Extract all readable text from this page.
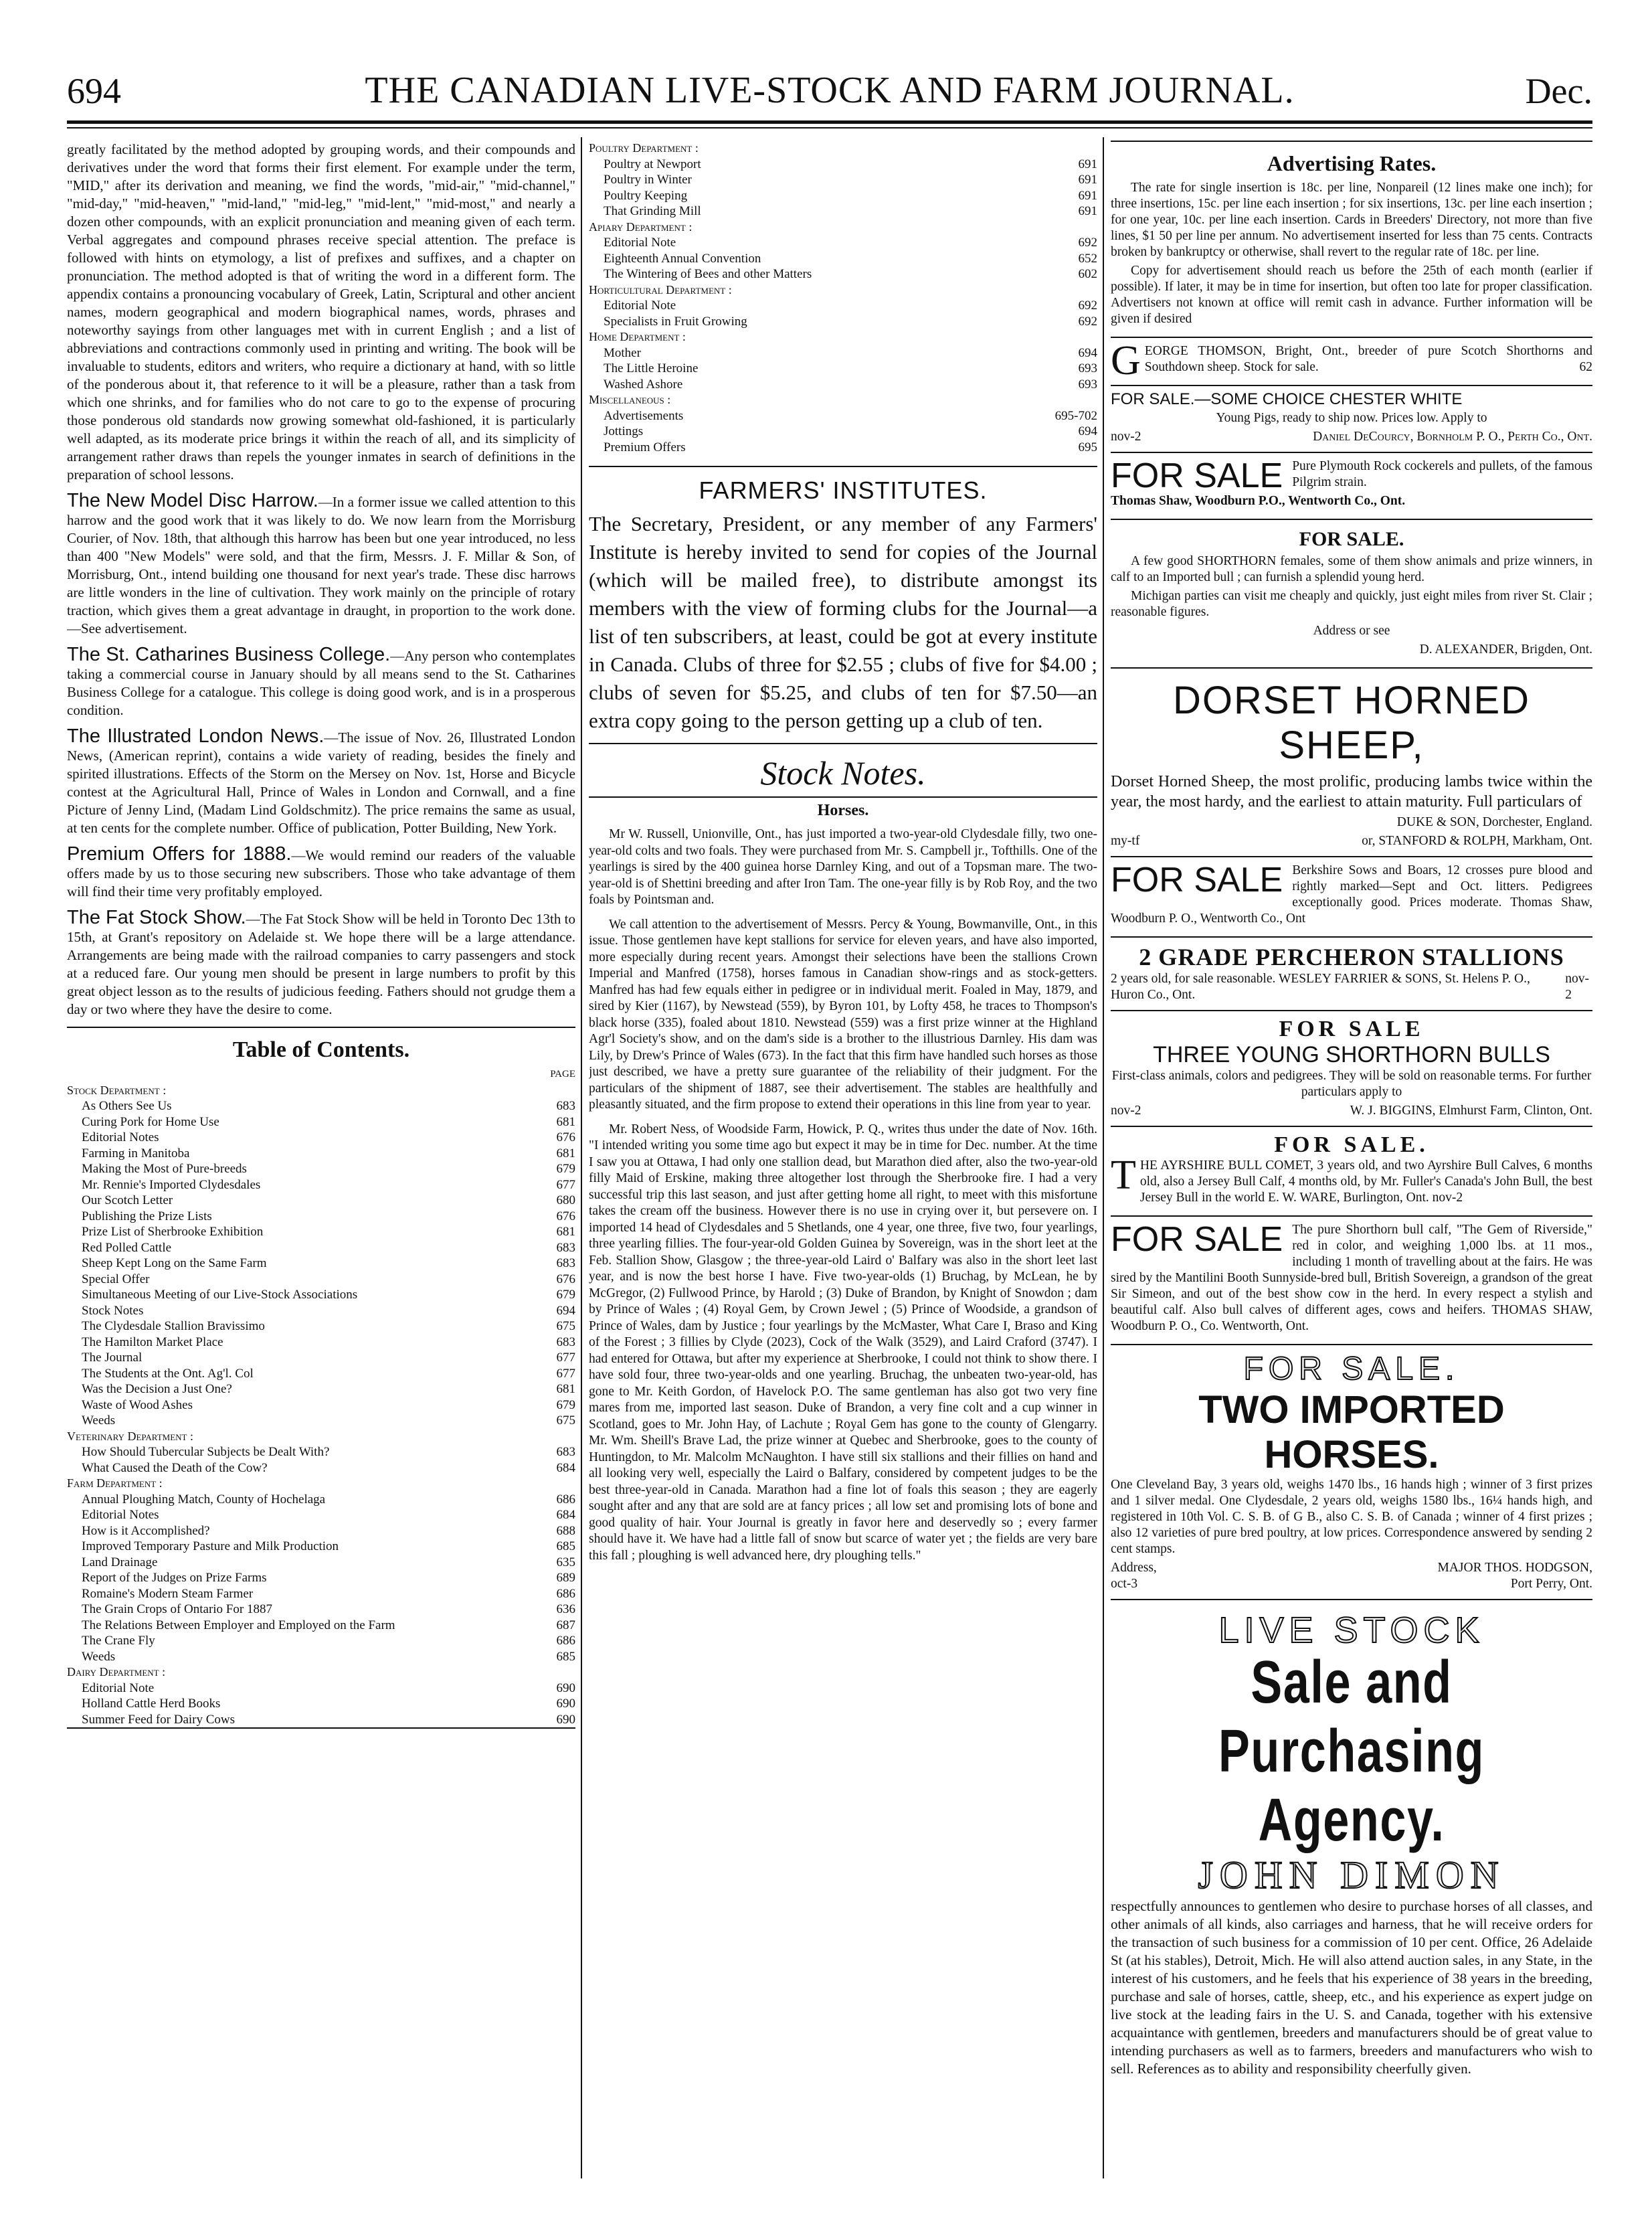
694	THE CANADIAN LIVE-STOCK AND FARM JOURNAL.	Dec.

greatly facilitated by the method adopted by grouping words, and their compounds and derivatives under the word that forms their first element. For example under the term, "MID," after its derivation and meaning, we find the words, "mid-air," "mid-channel," "mid-day," "mid-heaven," "mid-land," "mid-leg," "mid-lent," "mid-most," and nearly a dozen other compounds, with an explicit pronunciation and meaning given of each term. Verbal aggregates and compound phrases receive special attention. The preface is followed with hints on etymology, a list of prefixes and suffixes, and a chapter on pronunciation. The method adopted is that of writing the word in a different form. The appendix contains a pronouncing vocabulary of Greek, Latin, Scriptural and other ancient names, modern geographical and modern biographical names, words, phrases and noteworthy sayings from other languages met with in current English ; and a list of abbreviations and contractions commonly used in printing and writing. The book will be invaluable to students, editors and writers, who require a dictionary at hand, with so little of the ponderous about it, that reference to it will be a pleasure, rather than a task from which one shrinks, and for families who do not care to go to the expense of procuring those ponderous old standards now growing somewhat old-fashioned, it is particularly well adapted, as its moderate price brings it within the reach of all, and its simplicity of arrangement rather draws than repels the younger inmates in search of definitions in the preparation of school lessons.

The New Model Disc Harrow.—In a former issue we called attention to this harrow and the good work that it was likely to do. We now learn from the Morrisburg Courier, of Nov. 18th, that although this harrow has been but one year introduced, no less than 400 "New Models" were sold, and that the firm, Messrs. J. F. Millar & Son, of Morrisburg, Ont., intend building one thousand for next year's trade. These disc harrows are little wonders in the line of cultivation. They work mainly on the principle of rotary traction, which gives them a great advantage in draught, in proportion to the work done. —See advertisement.

The St. Catharines Business College.—Any person who contemplates taking a commercial course in January should by all means send to the St. Catharines Business College for a catalogue. This college is doing good work, and is in a prosperous condition.

The Illustrated London News.—The issue of Nov. 26, Illustrated London News, (American reprint), contains a wide variety of reading, besides the finely and spirited illustrations. Effects of the Storm on the Mersey on Nov. 1st, Horse and Bicycle contest at the Agricultural Hall, Prince of Wales in London and Cornwall, and a fine Picture of Jenny Lind, (Madam Lind Goldschmitz). The price remains the same as usual, at ten cents for the complete number. Office of publication, Potter Building, New York.

Premium Offers for 1888.—We would remind our readers of the valuable offers made by us to those securing new subscribers. Those who take advantage of them will find their time very profitably employed.

The Fat Stock Show.—The Fat Stock Show will be held in Toronto Dec 13th to 15th, at Grant's repository on Adelaide st. We hope there will be a large attendance. Arrangements are being made with the railroad companies to carry passengers and stock at a reduced fare. Our young men should be present in large numbers to profit by this great object lesson as to the results of judicious feeding. Fathers should not grudge them a day or two where they have the desire to come.

Table of Contents.
PAGE
Stock Department :
As Others See Us	683
Curing Pork for Home Use	681
Editorial Notes	676
Farming in Manitoba	681
Making the Most of Pure-breeds	679
Mr. Rennie's Imported Clydesdales	677
Our Scotch Letter	680
Publishing the Prize Lists	676
Prize List of Sherbrooke Exhibition	681
Red Polled Cattle	683
Sheep Kept Long on the Same Farm	683
Special Offer	676
Simultaneous Meeting of our Live-Stock Associations	679
Stock Notes	694
The Clydesdale Stallion Bravissimo	675
The Hamilton Market Place	683
The Journal	677
The Students at the Ont. Ag'l. Col	677
Was the Decision a Just One?	681
Waste of Wood Ashes	679
Weeds	675
Veterinary Department :
How Should Tubercular Subjects be Dealt With?	683
What Caused the Death of the Cow?	684
Farm Department :
Annual Ploughing Match, County of Hochelaga	686
Editorial Notes	684
How is it Accomplished?	688
Improved Temporary Pasture and Milk Production	685
Land Drainage	635
Report of the Judges on Prize Farms	689
Romaine's Modern Steam Farmer	686
The Grain Crops of Ontario For 1887	636
The Relations Between Employer and Employed on the Farm	687
The Crane Fly	686
Weeds	685
Dairy Department :
Editorial Note	690
Holland Cattle Herd Books	690
Summer Feed for Dairy Cows	690
Poultry Department :
Poultry at Newport	691
Poultry in Winter	691
Poultry Keeping	691
That Grinding Mill	691
Apiary Department :
Editorial Note	692
Eighteenth Annual Convention	652
The Wintering of Bees and other Matters	602
Horticultural Department :
Editorial Note	692
Specialists in Fruit Growing	692
Home Department :
Mother	694
The Little Heroine	693
Washed Ashore	693
Miscellaneous :
Advertisements	695-702
Jottings	694
Premium Offers	695
FARMERS' INSTITUTES.

The Secretary, President, or any member of any Farmers' Institute is hereby invited to send for copies of the Journal (which will be mailed free), to distribute amongst its members with the view of forming clubs for the Journal—a list of ten subscribers, at least, could be got at every institute in Canada. Clubs of three for $2.55 ; clubs of five for $4.00 ; clubs of seven for $5.25, and clubs of ten for $7.50—an extra copy going to the person getting up a club of ten.

Stock Notes.
Horses.

Mr W. Russell, Unionville, Ont., has just imported a two-year-old Clydesdale filly, two one-year-old colts and two foals. They were purchased from Mr. S. Campbell jr., Tofthills. One of the yearlings is sired by the 400 guinea horse Darnley King, and out of a Topsman mare. The two-year-old is of Shettini breeding and after Iron Tam. The one-year filly is by Rob Roy, and the two foals by Pointsman and.

We call attention to the advertisement of Messrs. Percy & Young, Bowmanville, Ont., in this issue. Those gentlemen have kept stallions for service for eleven years, and have also imported, more especially during recent years. Amongst their selections have been the stallions Crown Imperial and Manfred (1758), horses famous in Canadian show-rings and as stock-getters. Manfred has had few equals either in pedigree or in individual merit. Foaled in May, 1879, and sired by Kier (1167), by Newstead (559), by Byron 101, by Lofty 458, he traces to Thompson's black horse (335), foaled about 1810. Newstead (559) was a first prize winner at the Highland Agr'l Society's show, and on the dam's side is a brother to the illustrious Darnley. His dam was Lily, by Drew's Prince of Wales (673). In the fact that this firm have handled such horses as those just described, we have a pretty sure guarantee of the reliability of their judgment. For the particulars of the shipment of 1887, see their advertisement. The stables are healthfully and pleasantly situated, and the firm propose to extend their operations in this line from year to year.

Mr. Robert Ness, of Woodside Farm, Howick, P. Q., writes thus under the date of Nov. 16th. "I intended writing you some time ago but expect it may be in time for Dec. number. At the time I saw you at Ottawa, I had only one stallion dead, but Marathon died after, also the two-year-old filly Maid of Erskine, making three altogether lost through the Sherbrooke fire. I had a very successful trip this last season, and just after getting home all right, to meet with this misfortune takes the cream off the business. However there is no use in crying over it, but persevere on. I imported 14 head of Clydesdales and 5 Shetlands, one 4 year, one three, five two, four yearlings, three yearling fillies. The four-year-old Golden Guinea by Sovereign, was in the short leet at the Feb. Stallion Show, Glasgow ; the three-year-old Laird o' Balfary was also in the short leet last year, and is now the best horse I have. Five two-year-olds (1) Bruchag, by McLean, he by McGregor, (2) Fullwood Prince, by Harold ; (3) Duke of Brandon, by Knight of Snowdon ; dam by Prince of Wales ; (4) Royal Gem, by Crown Jewel ; (5) Prince of Woodside, a grandson of Prince of Wales, dam by Justice ; four yearlings by the McMaster, What Care I, Braso and King of the Forest ; 3 fillies by Clyde (2023), Cock of the Walk (3529), and Laird Craford (3747). I had entered for Ottawa, but after my experience at Sherbrooke, I could not think to show there. I have sold four, three two-year-olds and one yearling. Bruchag, the unbeaten two-year-old, has gone to Mr. Keith Gordon, of Havelock P.O. The same gentleman has also got two very fine mares from me, imported last season. Duke of Brandon, a very fine colt and a cup winner in Scotland, goes to Mr. John Hay, of Lachute ; Royal Gem has gone to the county of Glengarry. Mr. Wm. Sheill's Brave Lad, the prize winner at Quebec and Sherbrooke, goes to the county of Huntingdon, to Mr. Malcolm McNaughton. I have still six stallions and their fillies on hand and all looking very well, especially the Laird o Balfary, considered by competent judges to be the best three-year-old in Canada. Marathon had a fine lot of foals this season ; they are eagerly sought after and any that are sold are at fancy prices ; all low set and promising lots of bone and good quality of hair. Your Journal is greatly in favor here and deservedly so ; every farmer should have it. We have had a little fall of snow but scarce of water yet ; the fields are very bare this fall ; ploughing is well advanced here, dry ploughing tells."

Advertising Rates.

The rate for single insertion is 18c. per line, Nonpareil (12 lines make one inch); for three insertions, 15c. per line each insertion ; for six insertions, 13c. per line each insertion ; for one year, 10c. per line each insertion. Cards in Breeders' Directory, not more than five lines, $1 50 per line per annum. No advertisement inserted for less than 75 cents. Contracts broken by bankruptcy or otherwise, shall revert to the regular rate of 18c. per line.

Copy for advertisement should reach us before the 25th of each month (earlier if possible). If later, it may be in time for insertion, but often too late for proper classification. Advertisers not known at office will remit cash in advance. Further information will be given if desired

GEORGE THOMSON, Bright, Ont., breeder of pure Scotch Shorthorns and Southdown sheep. Stock for sale.	62

FOR SALE.—SOME CHOICE CHESTER WHITE

Young Pigs, ready to ship now. Prices low. Apply to

nov-2	Daniel DeCourcy, Bornholm P. O., Perth Co., Ont.
FOR SALE Pure Plymouth Rock cockerels and pullets, of the famous Pilgrim strain.

Thomas Shaw, Woodburn P.O., Wentworth Co., Ont.

FOR SALE.

A few good SHORTHORN females, some of them show animals and prize winners, in calf to an Imported bull ; can furnish a splendid young herd.

Michigan parties can visit me cheaply and quickly, just eight miles from river St. Clair ; reasonable figures.

Address or see

D. ALEXANDER, Brigden, Ont.

DORSET HORNED SHEEP,

Dorset Horned Sheep, the most prolific, producing lambs twice within the year, the most hardy, and the earliest to attain maturity. Full particulars of

DUKE & SON, Dorchester, England.

my-tf	or, STANFORD & ROLPH, Markham, Ont.
FOR SALE Berkshire Sows and Boars, 12 crosses pure blood and rightly marked—Sept and Oct. litters. Pedigrees exceptionally good. Prices moderate. Thomas Shaw, Woodburn P. O., Wentworth Co., Ont

2 GRADE PERCHERON STALLIONS
2 years old, for sale reasonable. WESLEY FARRIER & SONS, St. Helens P. O., Huron Co., Ont.
nov-2
FOR SALE
THREE YOUNG SHORTHORN BULLS

First-class animals, colors and pedigrees. They will be sold on reasonable terms. For further particulars apply to

nov-2	W. J. BIGGINS, Elmhurst Farm, Clinton, Ont.
FOR SALE.

THE AYRSHIRE BULL COMET, 3 years old, and two Ayrshire Bull Calves, 6 months old, also a Jersey Bull Calf, 4 months old, by Mr. Fuller's Canada's John Bull, the best Jersey Bull in the world E. W. WARE, Burlington, Ont. nov-2

FOR SALE The pure Shorthorn bull calf, "The Gem of Riverside," red in color, and weighing 1,000 lbs. at 11 mos., including 1 month of travelling about at the fairs. He was sired by the Mantilini Booth Sunnyside-bred bull, British Sovereign, a grandson of the great Sir Simeon, and out of the best show cow in the herd. In every respect a stylish and beautiful calf. Also bull calves of different ages, cows and heifers. THOMAS SHAW, Woodburn P. O., Co. Wentworth, Ont.

FOR SALE.
TWO IMPORTED HORSES.

One Cleveland Bay, 3 years old, weighs 1470 lbs., 16 hands high ; winner of 3 first prizes and 1 silver medal. One Clydesdale, 2 years old, weighs 1580 lbs., 16¼ hands high, and registered in 10th Vol. C. S. B. of G B., also C. S. B. of Canada ; winner of 4 first prizes ; also 12 varieties of pure bred poultry, at low prices. Correspondence answered by sending 2 cent stamps.

Address,	MAJOR THOS. HODGSON,
oct-3	Port Perry, Ont.
LIVE STOCK
Sale and Purchasing Agency.
JOHN DIMON

respectfully announces to gentlemen who desire to purchase horses of all classes, and other animals of all kinds, also carriages and harness, that he will receive orders for the transaction of such business for a commission of 10 per cent. Office, 26 Adelaide St (at his stables), Detroit, Mich. He will also attend auction sales, in any State, in the interest of his customers, and he feels that his experience of 38 years in the breeding, purchase and sale of horses, cattle, sheep, etc., and his experience as expert judge on live stock at the leading fairs in the U. S. and Canada, together with his extensive acquaintance with gentlemen, breeders and manufacturers should be of great value to intending purchasers as well as to farmers, breeders and manufacturers who wish to sell. References as to ability and responsibility cheerfully given.
